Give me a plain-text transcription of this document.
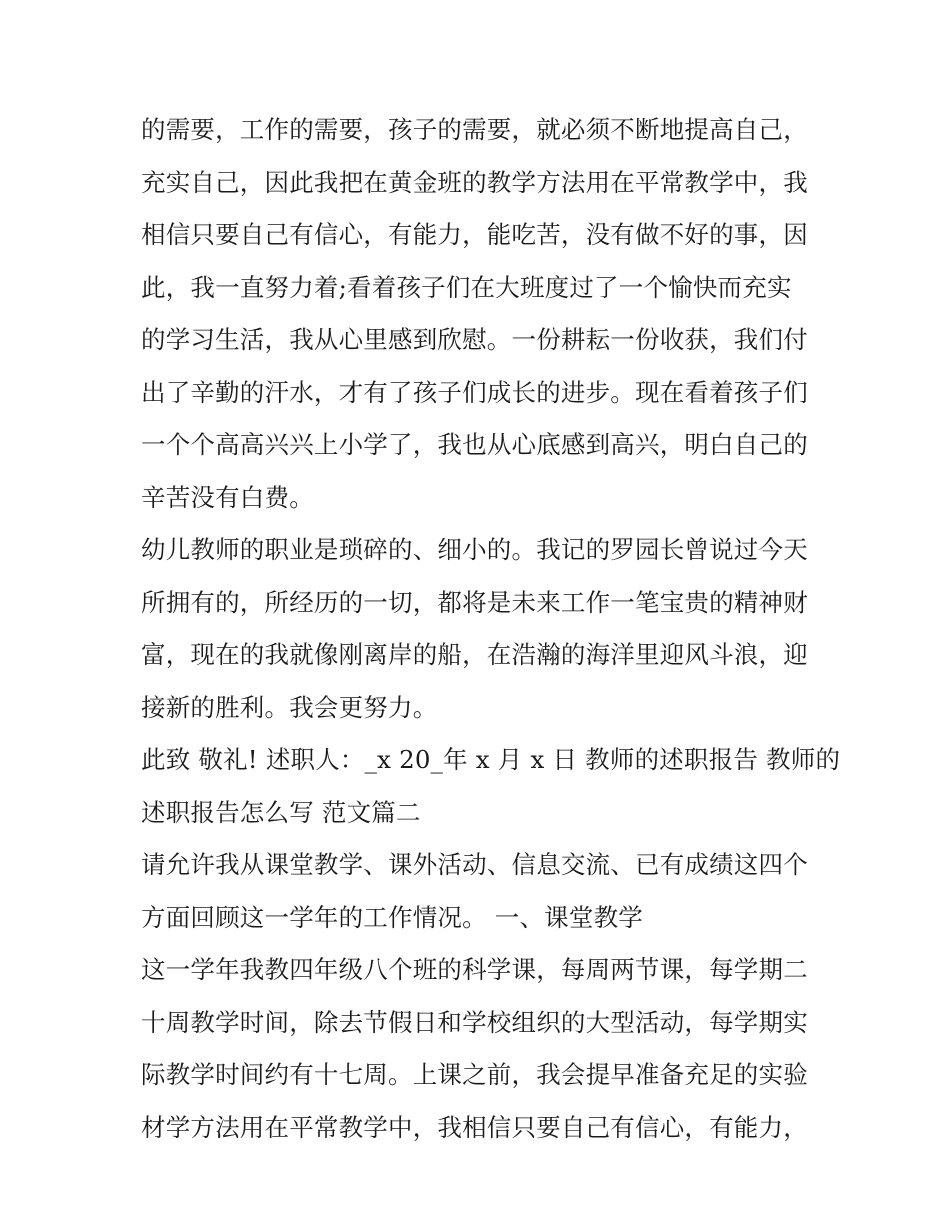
的需要，工作的需要，孩子的需要，就必须不断地提高自己，
充实自己，因此我把在黄金班的教学方法用在平常教学中，我
相信只要自己有信心，有能力，能吃苦，没有做不好的事，因
此，我一直努力着;看着孩子们在大班度过了一个愉快而充实
的学习生活，我从心里感到欣慰。一份耕耘一份收获，我们付
出了辛勤的汗水，才有了孩子们成长的进步。现在看着孩子们
一个个高高兴兴上小学了，我也从心底感到高兴，明白自己的
辛苦没有白费。
幼儿教师的职业是琐碎的、细小的。我记的罗园长曾说过今天
所拥有的，所经历的一切，都将是未来工作一笔宝贵的精神财
富，现在的我就像刚离岸的船，在浩瀚的海洋里迎风斗浪，迎
接新的胜利。我会更努力。
此致 敬礼! 述职人：_x 20_年 x 月 x 日 教师的述职报告 教师的
述职报告怎么写 范文篇二
请允许我从课堂教学、课外活动、信息交流、已有成绩这四个
方面回顾这一学年的工作情况。 一、课堂教学
这一学年我教四年级八个班的科学课，每周两节课，每学期二
十周教学时间，除去节假日和学校组织的大型活动，每学期实
际教学时间约有十七周。上课之前，我会提早准备充足的实验
材学方法用在平常教学中，我相信只要自己有信心，有能力，
